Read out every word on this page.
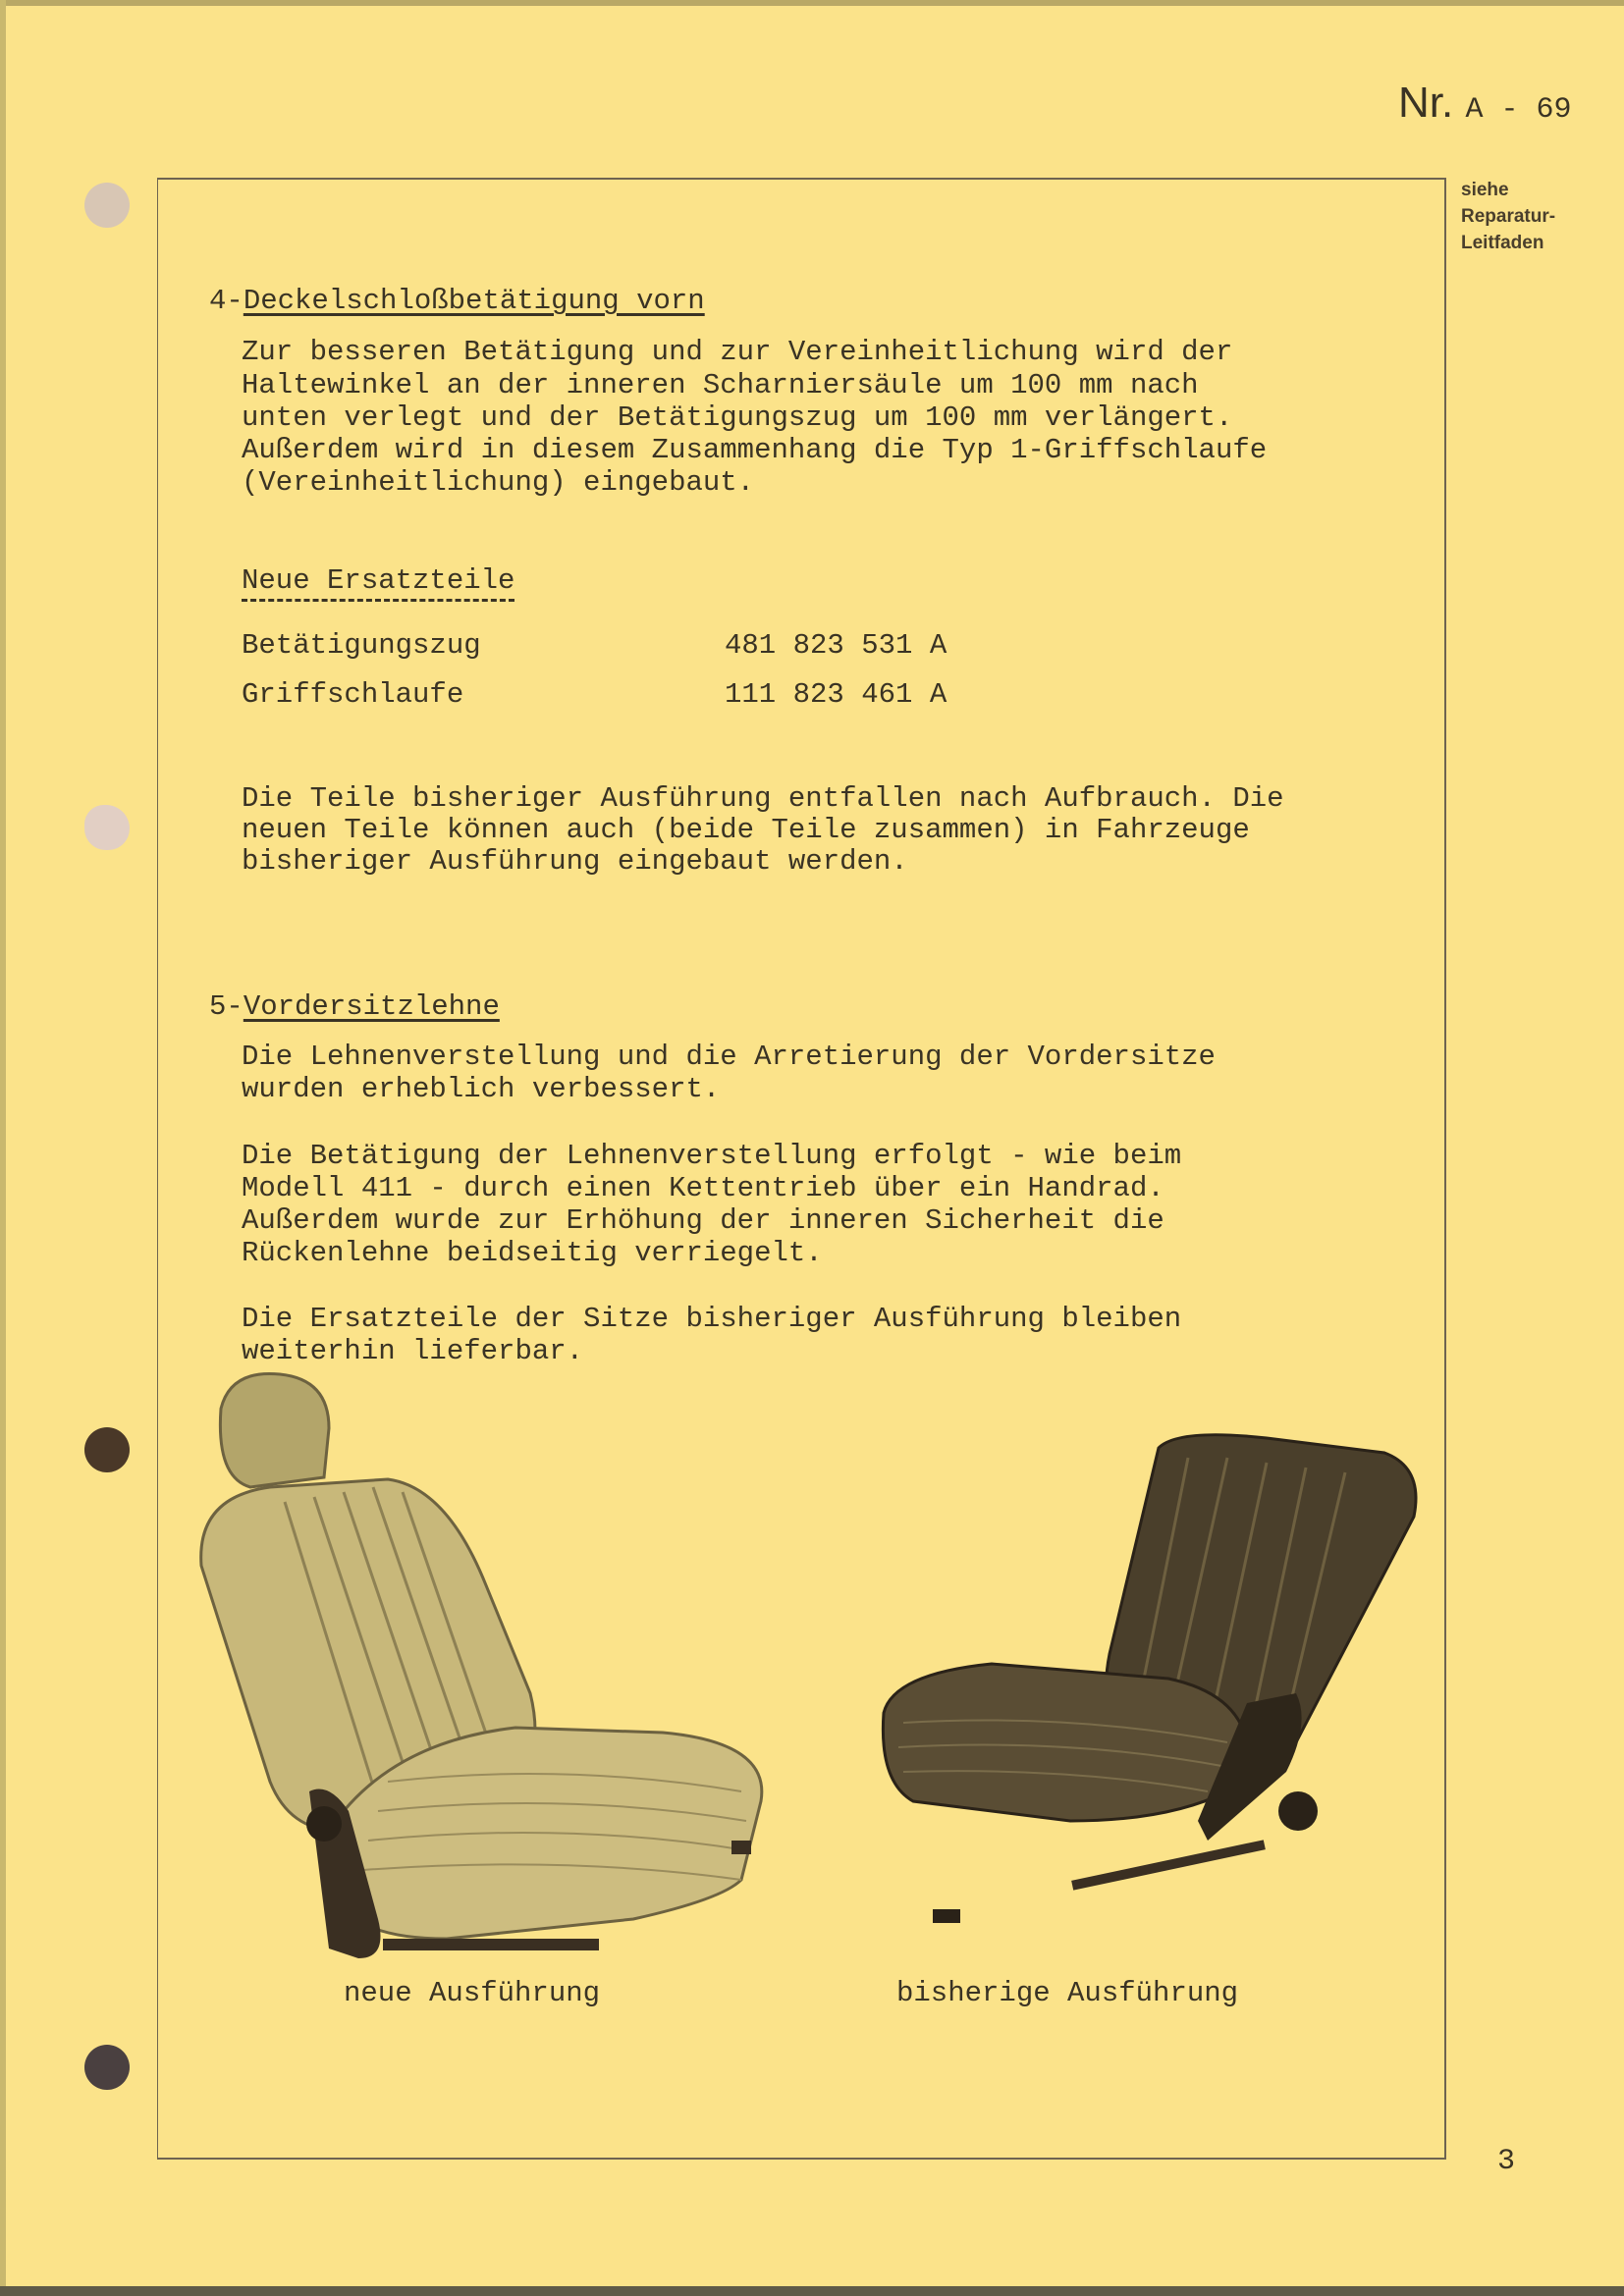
Nr. A - 69
siehe
Reparatur-
Leitfaden
4-Deckelschloßbetätigung vorn
Zur besseren Betätigung und zur Vereinheitlichung wird der
Haltewinkel an der inneren Scharniersäule um 100 mm nach
unten verlegt und der Betätigungszug um 100 mm verlängert.
Außerdem wird in diesem Zusammenhang die Typ 1-Griffschlaufe
(Vereinheitlichung) eingebaut.
Neue Ersatzteile
Betätigungszug	481 823 531 A
Griffschlaufe	111 823 461 A
Die Teile bisheriger Ausführung entfallen nach Aufbrauch. Die
neuen Teile können auch (beide Teile zusammen) in Fahrzeuge
bisheriger Ausführung eingebaut werden.
5-Vordersitzlehne
Die Lehnenverstellung und die Arretierung der Vordersitze
wurden erheblich verbessert.
Die Betätigung der Lehnenverstellung erfolgt - wie beim
Modell 411 - durch einen Kettentrieb über ein Handrad.
Außerdem wurde zur Erhöhung der inneren Sicherheit die
Rückenlehne beidseitig verriegelt.
Die Ersatzteile der Sitze bisheriger Ausführung bleiben
weiterhin lieferbar.
neue Ausführung	bisherige Ausführung
3
